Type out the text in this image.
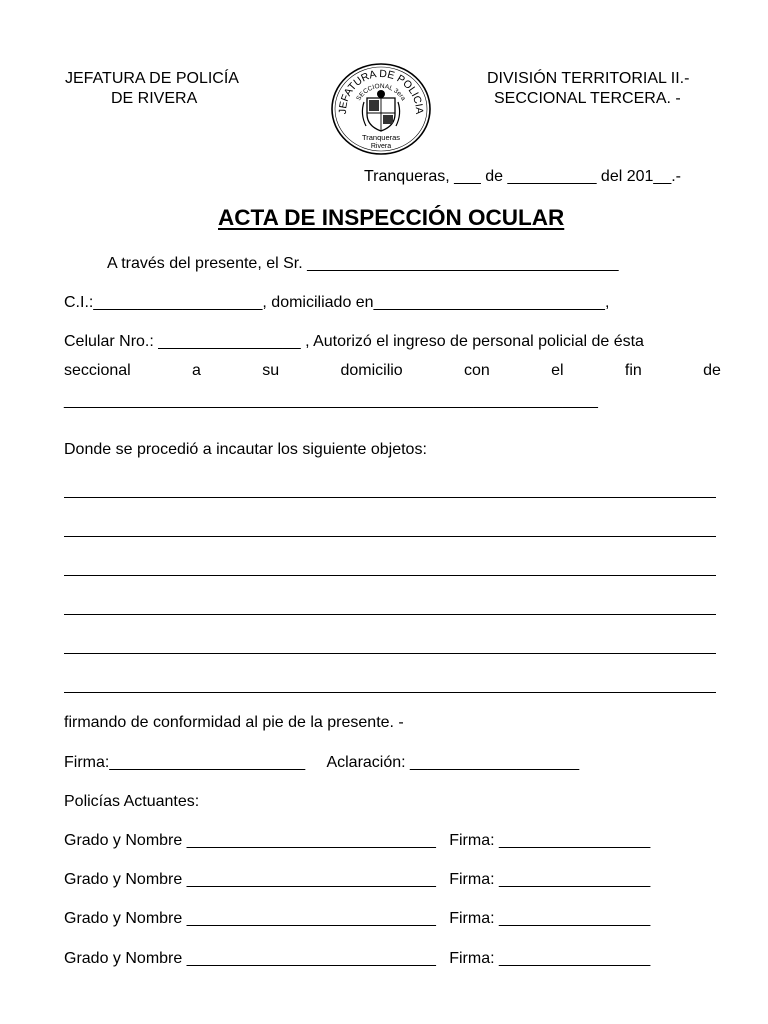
JEFATURA DE POLICÍA
DE RIVERA
DIVISIÓN TERRITORIAL II.-
SECCIONAL TERCERA. -
JEFATURA DE POLICIA
SECCIONAL 3era
Tranqueras
Rivera
Tranqueras, ___ de __________ del 201__.-
ACTA DE INSPECCIÓN OCULAR
A través del presente, el Sr. ___________________________________
C.I.:___________________, domiciliado en__________________________,
Celular Nro.: ________________ , Autorizó el ingreso de personal policial de ésta
seccional	a	su	domicilio	con	el	fin	de
____________________________________________________________
Donde se procedió a incautar los siguiente objetos:
firmando de conformidad al pie de la presente. -
Firma:______________________     Aclaración: ___________________
Policías Actuantes:
Grado y Nombre ____________________________   Firma: _________________
Grado y Nombre ____________________________   Firma: _________________
Grado y Nombre ____________________________   Firma: _________________
Grado y Nombre ____________________________   Firma: _________________
